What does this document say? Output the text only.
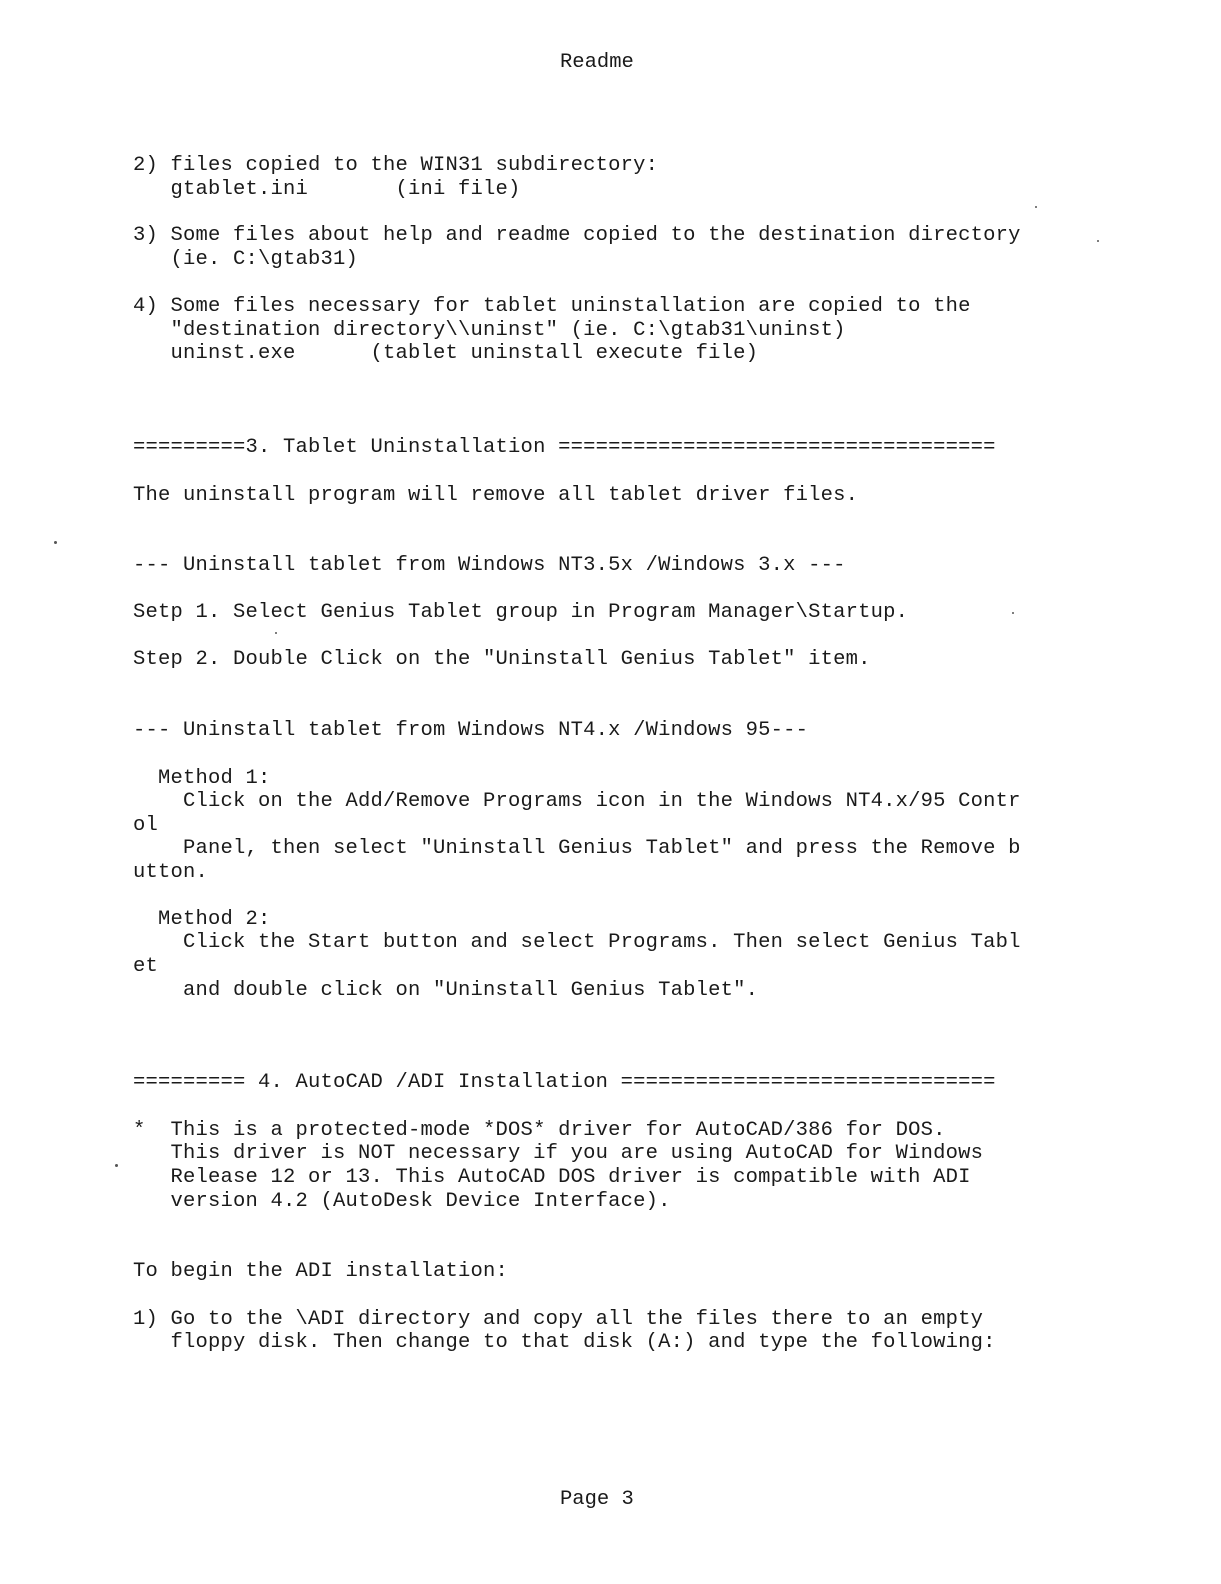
Readme
2) files copied to the WIN31 subdirectory:
gtablet.ini       (ini file)
3) Some files about help and readme copied to the destination directory
(ie. C:\gtab31)
4) Some files necessary for tablet uninstallation are copied to the
"destination directory\\uninst" (ie. C:\gtab31\uninst)
uninst.exe      (tablet uninstall execute file)
=========3. Tablet Uninstallation ===================================
The uninstall program will remove all tablet driver files.
--- Uninstall tablet from Windows NT3.5x /Windows 3.x ---
Setp 1. Select Genius Tablet group in Program Manager\Startup.
Step 2. Double Click on the "Uninstall Genius Tablet" item.
--- Uninstall tablet from Windows NT4.x /Windows 95---
Method 1:
Click on the Add/Remove Programs icon in the Windows NT4.x/95 Contr
ol
Panel, then select "Uninstall Genius Tablet" and press the Remove b
utton.
Method 2:
Click the Start button and select Programs. Then select Genius Tabl
et
and double click on "Uninstall Genius Tablet".
========= 4. AutoCAD /ADI Installation ==============================
*  This is a protected-mode *DOS* driver for AutoCAD/386 for DOS.
This driver is NOT necessary if you are using AutoCAD for Windows
Release 12 or 13. This AutoCAD DOS driver is compatible with ADI
version 4.2 (AutoDesk Device Interface).
To begin the ADI installation:
1) Go to the \ADI directory and copy all the files there to an empty
floppy disk. Then change to that disk (A:) and type the following:
Page 3
